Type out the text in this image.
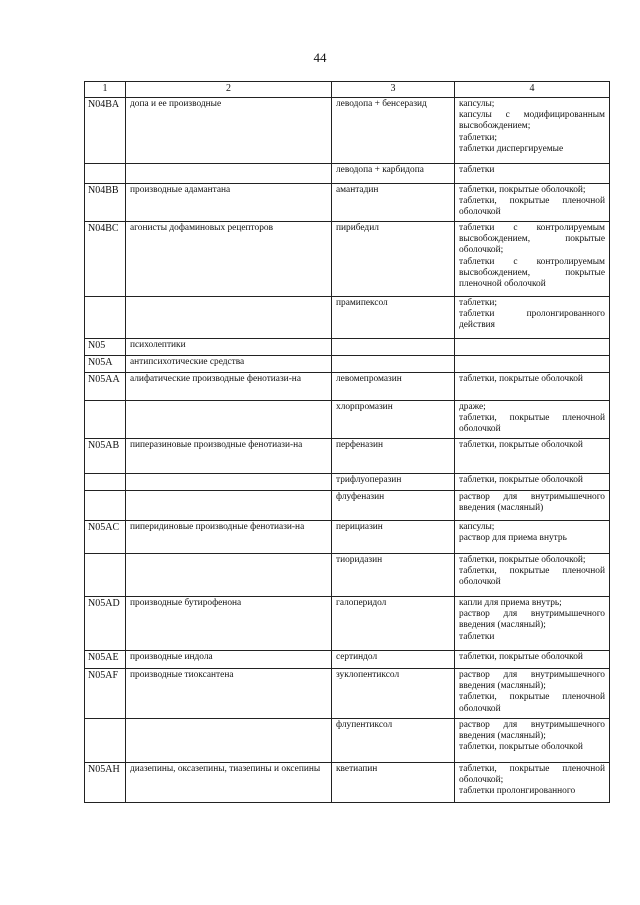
44
1	2	3	4
N04BA	допа и ее производные	леводопа + бенсеразид	капсулы;
капсулы с модифицированным высвобождением;
таблетки;
таблетки диспергируемые

		леводопа + карбидопа	таблетки

N04BB	производные адамантана	амантадин	таблетки, покрытые оболочкой;
таблетки, покрытые пленочной оболочкой

N04BC	агонисты дофаминовых рецепторов	пирибедил	таблетки с контролируемым высвобождением, покрытые оболочкой;
таблетки с контролируемым высвобождением, покрытые пленочной оболочкой

		прамипексол	таблетки;
таблетки пролонгированного действия

N05	психолептики		
N05A	антипсихотические средства		
N05AA	алифатические производные фенотиази-на	левомепромазин	таблетки, покрытые оболочкой

		хлорпромазин	драже;
таблетки, покрытые пленочной оболочкой

N05AB	пиперазиновые производные фенотиази-на	перфеназин	таблетки, покрытые оболочкой

		трифлуоперазин	таблетки, покрытые оболочкой

		флуфеназин	раствор для внутримышечного введения (масляный)

N05AC	пиперидиновые производные фенотиази-на	перициазин	капсулы;
раствор для приема внутрь

		тиоридазин	таблетки, покрытые оболочкой;
таблетки, покрытые пленочной оболочкой

N05AD	производные бутирофенона	галоперидол	капли для приема внутрь;
раствор для внутримышечного введения (масляный);
таблетки

N05AE	производные индола	сертиндол	таблетки, покрытые оболочкой

N05AF	производные тиоксантена	зуклопентиксол	раствор для внутримышечного введения (масляный);
таблетки, покрытые пленочной оболочкой

		флупентиксол	раствор для внутримышечного введения (масляный);
таблетки, покрытые оболочкой

N05AH	диазепины, оксазепины, тиазепины и оксепины	кветиапин	таблетки, покрытые пленочной оболочкой;
таблетки пролонгированного
